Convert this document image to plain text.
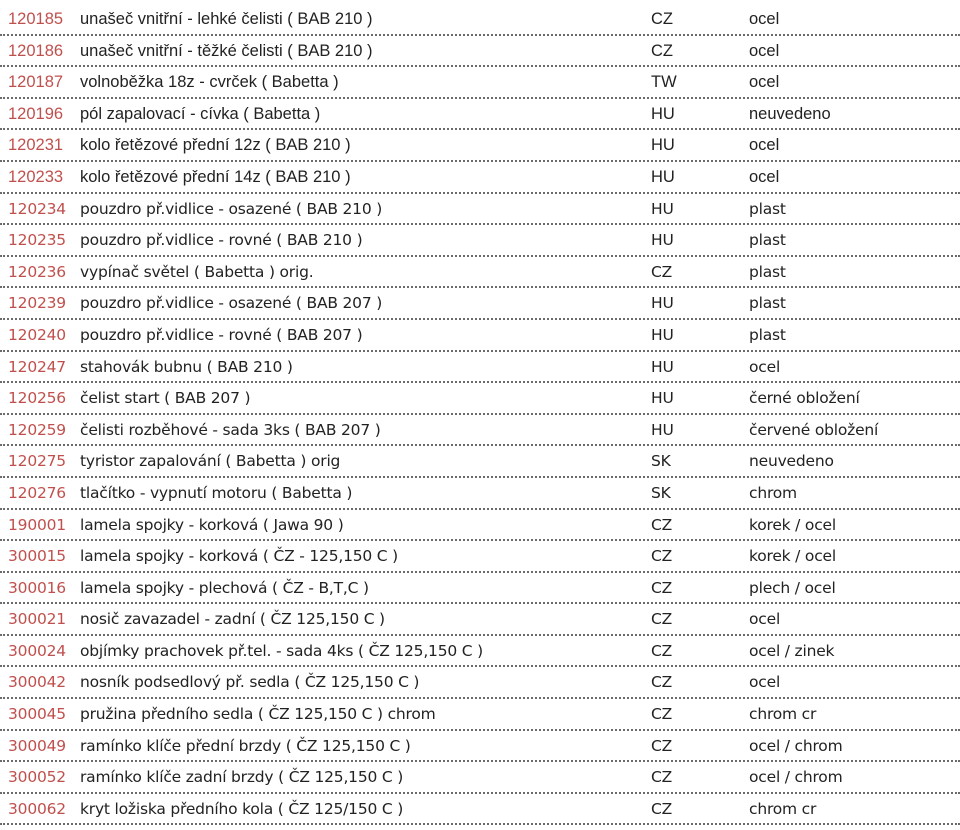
120185 unašeč vnitřní - lehké čelisti ( BAB 210 )	CZ	ocel
120186 unašeč vnitřní - těžké čelisti ( BAB 210 )	CZ	ocel
120187 volnoběžka 18z - cvrček ( Babetta )	TW	ocel
120196 pól zapalovací - cívka ( Babetta )	HU	neuvedeno
120231 kolo řetězové přední 12z ( BAB 210 )	HU	ocel
120233 kolo řetězové přední 14z ( BAB 210 )	HU	ocel
120234 pouzdro př.vidlice - osazené ( BAB 210 )	HU	plast
120235 pouzdro př.vidlice - rovné ( BAB 210 )	HU	plast
120236 vypínač světel ( Babetta ) orig.	CZ	plast
120239 pouzdro př.vidlice - osazené ( BAB 207 )	HU	plast
120240 pouzdro př.vidlice - rovné ( BAB 207 )	HU	plast
120247 stahovák bubnu ( BAB 210 )	HU	ocel
120256 čelist start ( BAB 207 )	HU	černé obložení
120259 čelisti rozběhové - sada 3ks ( BAB 207 )	HU	červené obložení
120275 tyristor zapalování ( Babetta ) orig	SK	neuvedeno
120276 tlačítko - vypnutí motoru ( Babetta )	SK	chrom
190001 lamela spojky - korková ( Jawa 90 )	CZ	korek / ocel
300015 lamela spojky - korková ( ČZ - 125,150 C )	CZ	korek / ocel
300016 lamela spojky - plechová ( ČZ - B,T,C )	CZ	plech / ocel
300021 nosič zavazadel - zadní ( ČZ 125,150 C )	CZ	ocel
300024 objímky prachovek př.tel. - sada 4ks ( ČZ 125,150 C )	CZ	ocel / zinek
300042 nosník podsedlový př. sedla ( ČZ 125,150 C )	CZ	ocel
300045 pružina předního sedla ( ČZ 125,150 C ) chrom	CZ	chrom cr
300049 ramínko klíče přední brzdy ( ČZ 125,150 C )	CZ	ocel / chrom
300052 ramínko klíče zadní brzdy ( ČZ 125,150 C )	CZ	ocel / chrom
300062 kryt ložiska předního kola ( ČZ 125/150 C )	CZ	chrom cr
